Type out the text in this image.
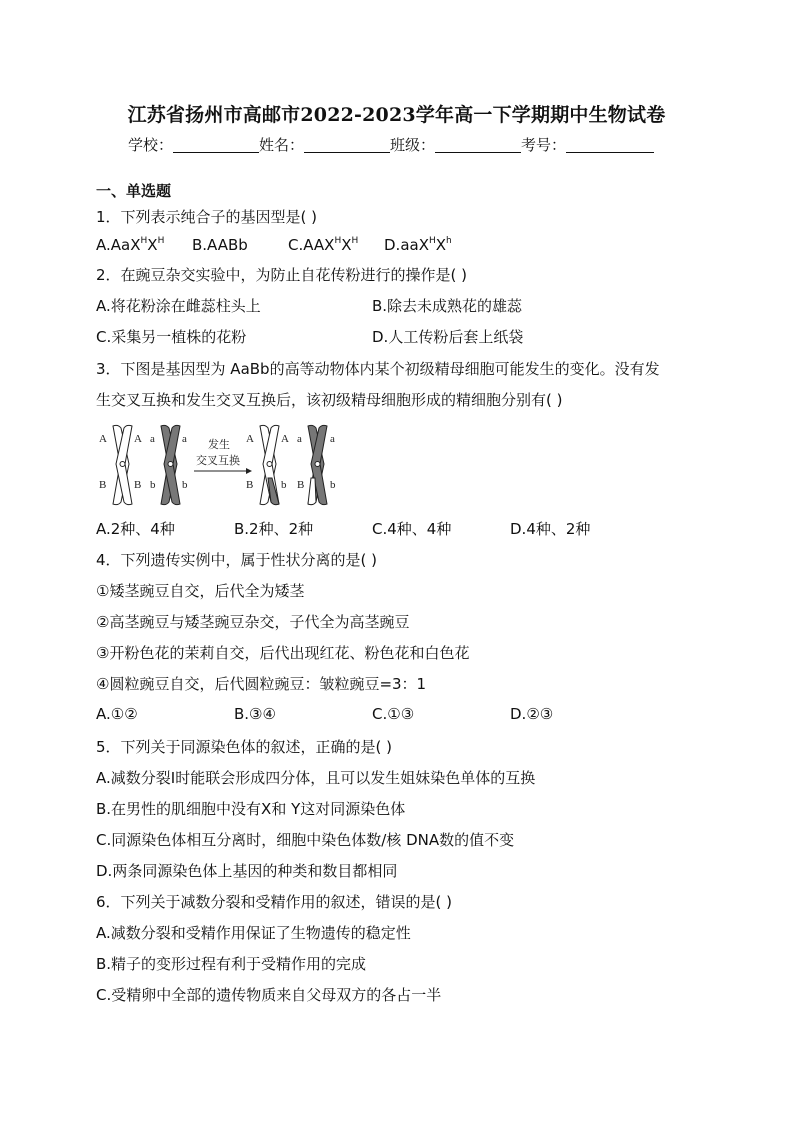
江苏省扬州市高邮市2022-2023学年高一下学期期中生物试卷
学校：	姓名：	班级：	考号：
一、单选题
1．下列表示纯合子的基因型是( )
$A.AaX^HX^H$ B.AABb	$C.AAX^HX^H$ $D.aaX^HX^h$
2．在豌豆杂交实验中，为防止自花传粉进行的操作是( )
A.将花粉涂在雌蕊柱头上	B.除去未成熟花的雄蕊
C.采集另一植株的花粉	D.人工传粉后套上纸袋
3．下图是基因型为 AaBb的高等动物体内某个初级精母细胞可能发生的变化。没有发
生交叉互换和发生交叉互换后，该初级精母细胞形成的精细胞分别有( )
A A a a
B	B b b
发生
交叉互换
A A a	a
B	b B b
A.2种、4种	B.2种、2种	C.4种、4种	D.4种、2种
4．下列遗传实例中，属于性状分离的是( )
①矮茎豌豆自交，后代全为矮茎
②高茎豌豆与矮茎豌豆杂交，子代全为高茎豌豆
③开粉色花的茉莉自交，后代出现红花、粉色花和白色花
④圆粒豌豆自交，后代圆粒豌豆：皱粒豌豆=3：1
A.①②	B.③④	C.①③	D.②③
5．下列关于同源染色体的叙述，正确的是( )
A.减数分裂Ⅰ时能联会形成四分体，且可以发生姐妹染色单体的互换
B.在男性的肌细胞中没有X和 Y这对同源染色体
C.同源染色体相互分离时，细胞中染色体数/核 DNA数的值不变
D.两条同源染色体上基因的种类和数目都相同
6．下列关于减数分裂和受精作用的叙述，错误的是( )
A.减数分裂和受精作用保证了生物遗传的稳定性
B.精子的变形过程有利于受精作用的完成
C.受精卵中全部的遗传物质来自父母双方的各占一半
